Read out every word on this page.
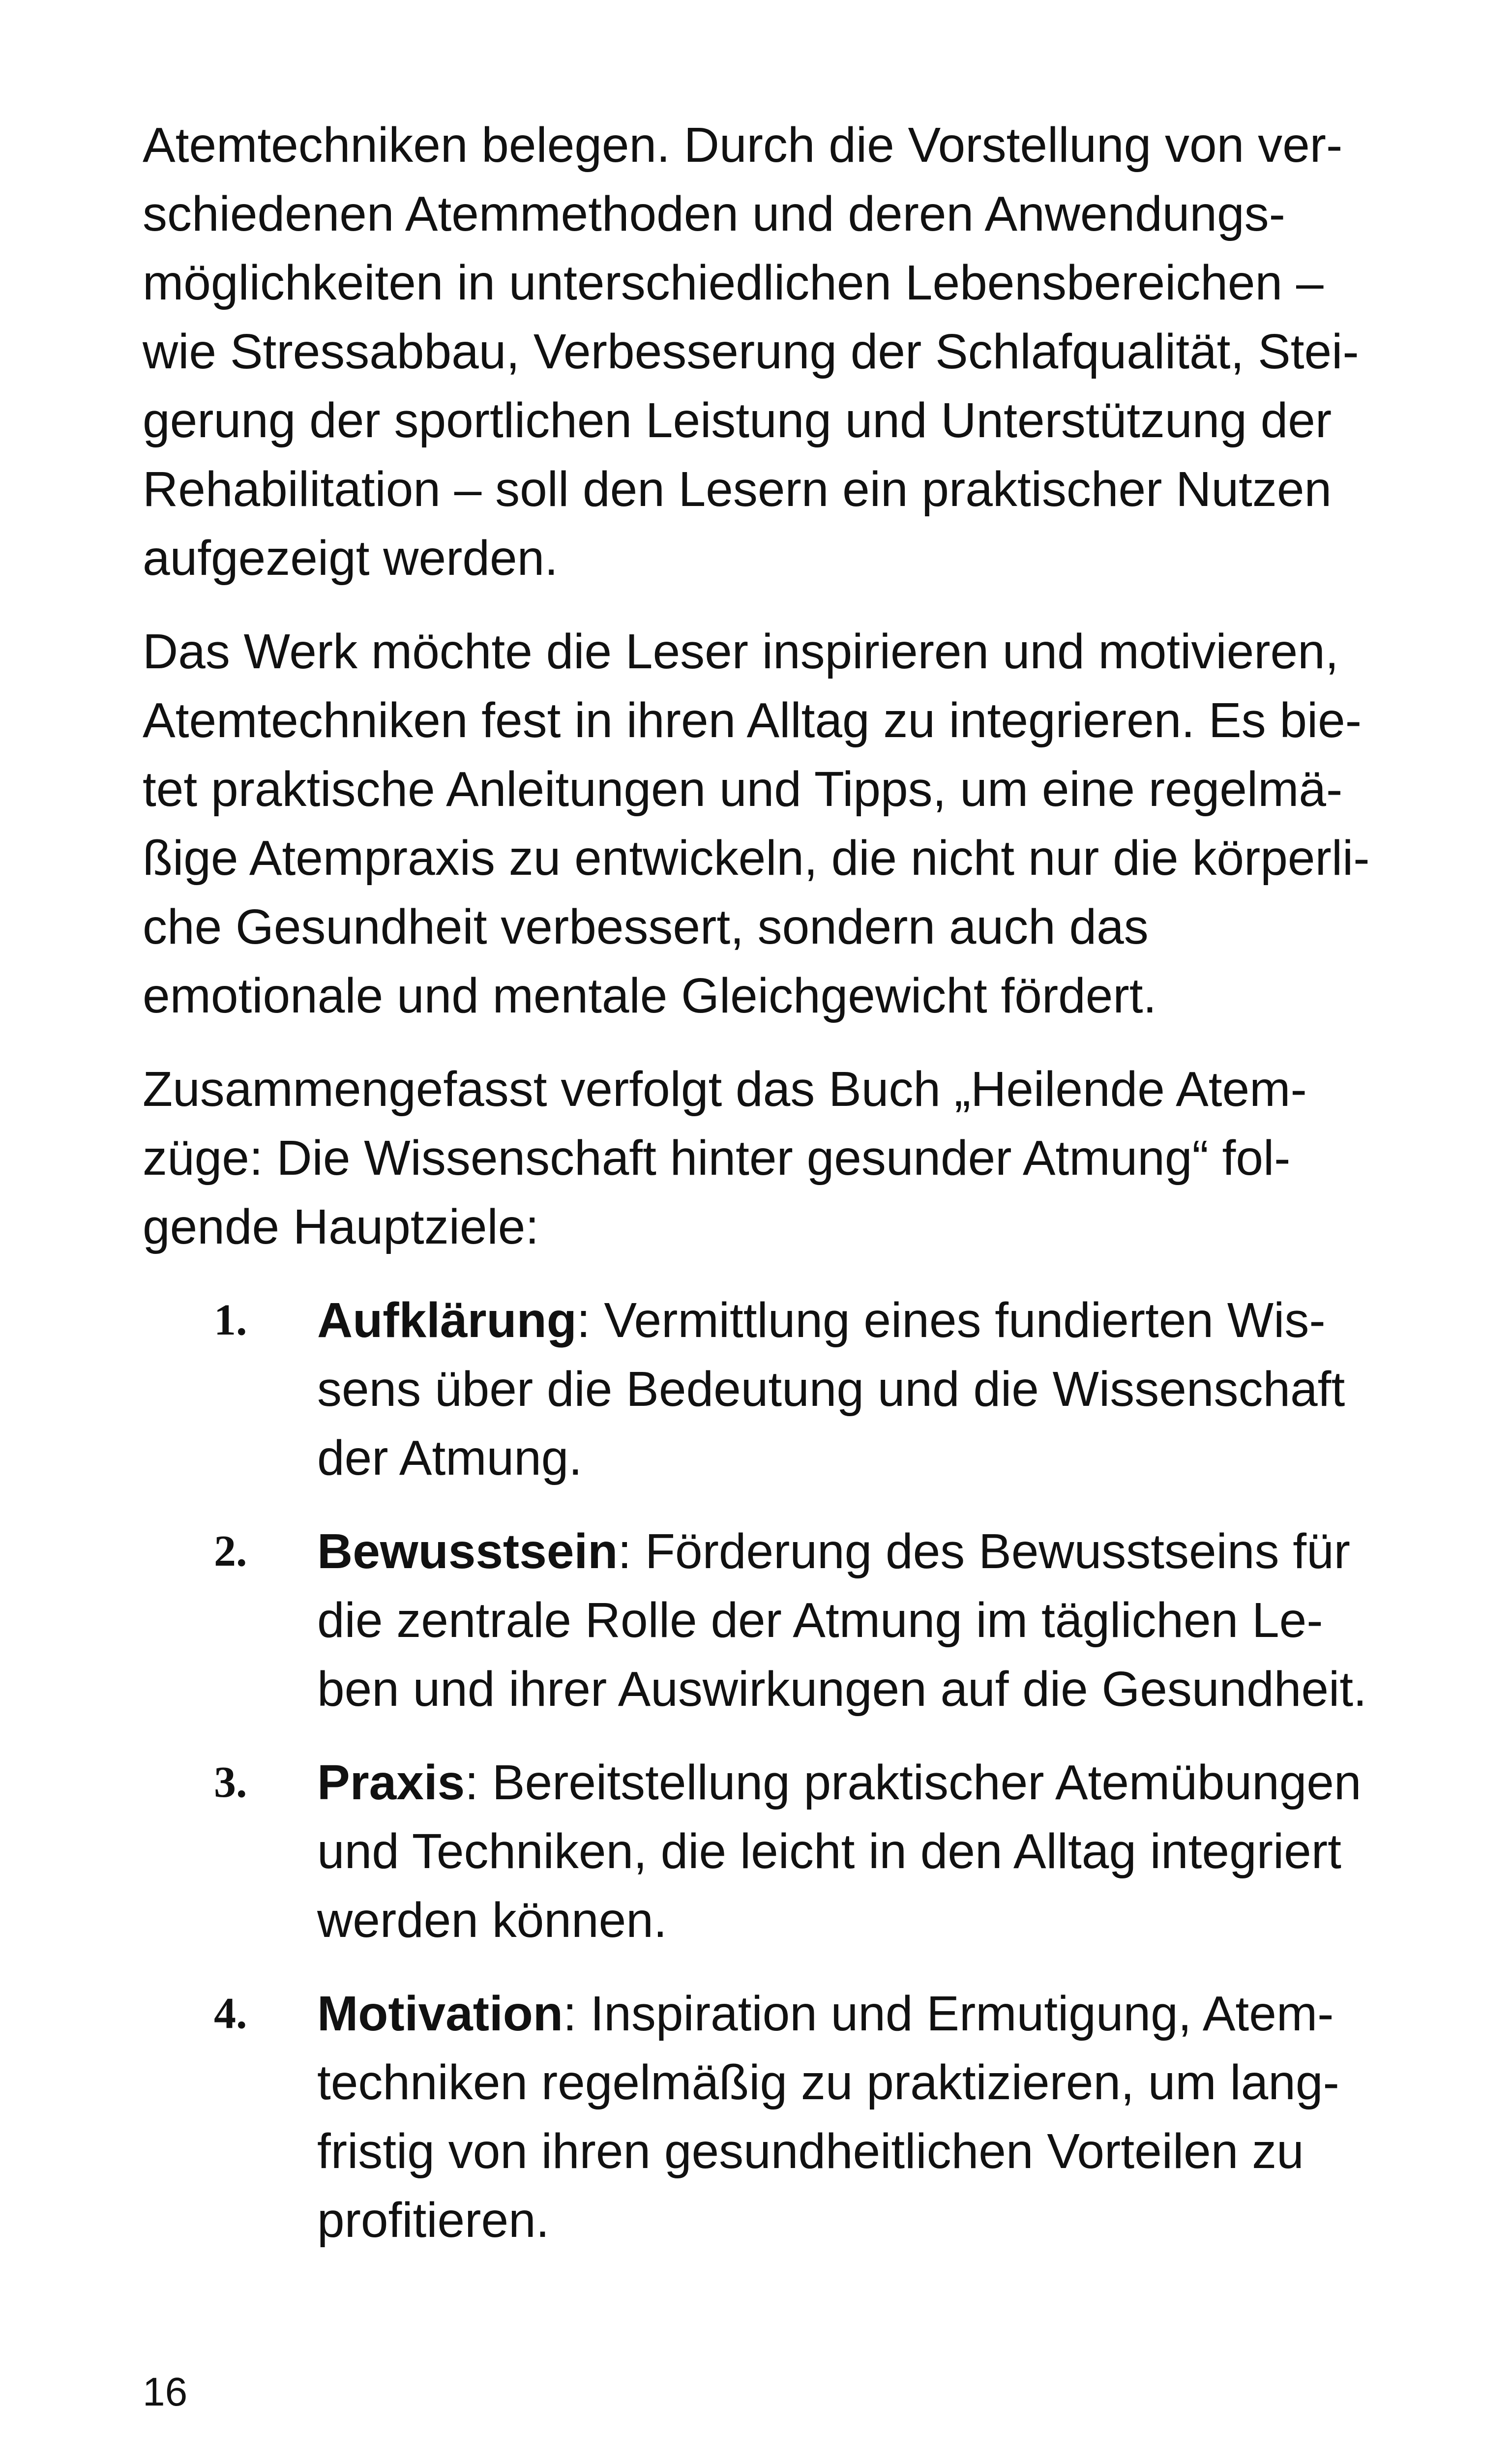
Atemtechniken belegen. Durch die Vorstellung von ver-
schiedenen Atemmethoden und deren Anwendungs-
möglichkeiten in unterschiedlichen Lebensbereichen –
wie Stressabbau, Verbesserung der Schlafqualität, Stei-
gerung der sportlichen Leistung und Unterstützung der
Rehabilitation – soll den Lesern ein praktischer Nutzen
aufgezeigt werden.

Das Werk möchte die Leser inspirieren und motivieren,
Atemtechniken fest in ihren Alltag zu integrieren. Es bie-
tet praktische Anleitungen und Tipps, um eine regelmä-
ßige Atempraxis zu entwickeln, die nicht nur die körperli-
che Gesundheit verbessert, sondern auch das
emotionale und mentale Gleichgewicht fördert.

Zusammengefasst verfolgt das Buch „Heilende Atem-
züge: Die Wissenschaft hinter gesunder Atmung“ fol-
gende Hauptziele:

1. Aufklärung: Vermittlung eines fundierten Wis-
sens über die Bedeutung und die Wissenschaft
der Atmung.
2. Bewusstsein: Förderung des Bewusstseins für
die zentrale Rolle der Atmung im täglichen Le-
ben und ihrer Auswirkungen auf die Gesundheit.
3. Praxis: Bereitstellung praktischer Atemübungen
und Techniken, die leicht in den Alltag integriert
werden können.
4. Motivation: Inspiration und Ermutigung, Atem-
techniken regelmäßig zu praktizieren, um lang-
fristig von ihren gesundheitlichen Vorteilen zu
profitieren.
16
